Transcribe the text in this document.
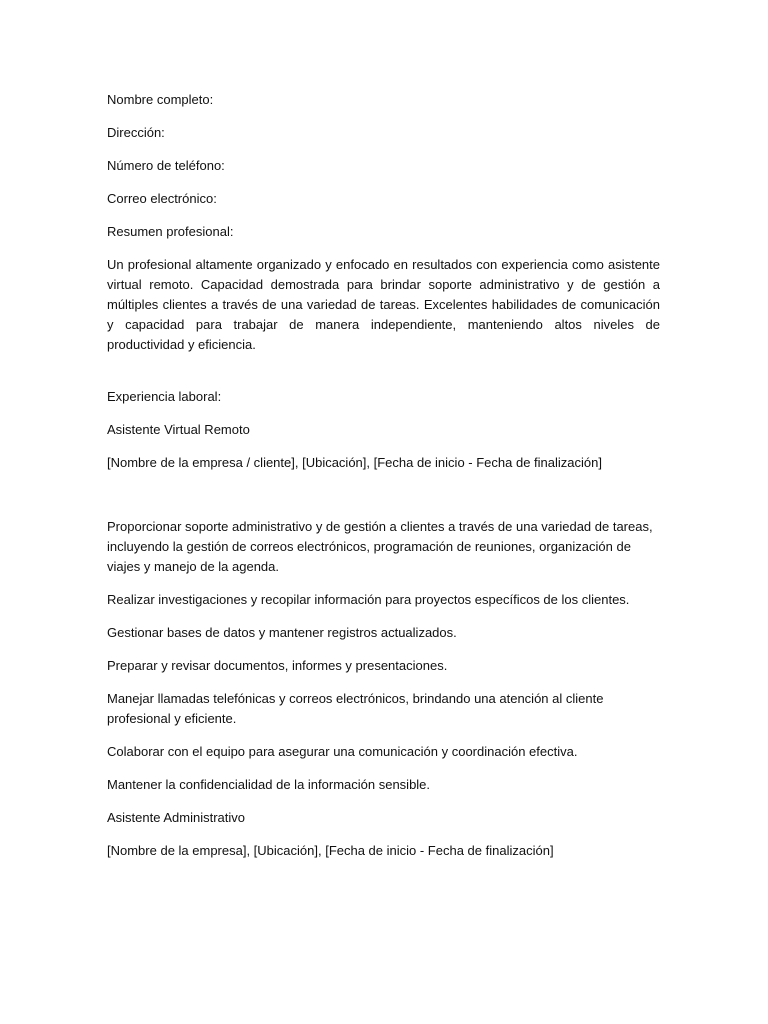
Nombre completo:

Dirección:

Número de teléfono:

Correo electrónico:

Resumen profesional:

Un profesional altamente organizado y enfocado en resultados con experiencia como asistente virtual remoto. Capacidad demostrada para brindar soporte administrativo y de gestión a múltiples clientes a través de una variedad de tareas. Excelentes habilidades de comunicación y capacidad para trabajar de manera independiente, manteniendo altos niveles de productividad y eficiencia.

Experiencia laboral:

Asistente Virtual Remoto

[Nombre de la empresa / cliente], [Ubicación], [Fecha de inicio - Fecha de finalización]

Proporcionar soporte administrativo y de gestión a clientes a través de una variedad de tareas, incluyendo la gestión de correos electrónicos, programación de reuniones, organización de viajes y manejo de la agenda.

Realizar investigaciones y recopilar información para proyectos específicos de los clientes.

Gestionar bases de datos y mantener registros actualizados.

Preparar y revisar documentos, informes y presentaciones.

Manejar llamadas telefónicas y correos electrónicos, brindando una atención al cliente profesional y eficiente.

Colaborar con el equipo para asegurar una comunicación y coordinación efectiva.

Mantener la confidencialidad de la información sensible.

Asistente Administrativo

[Nombre de la empresa], [Ubicación], [Fecha de inicio - Fecha de finalización]
